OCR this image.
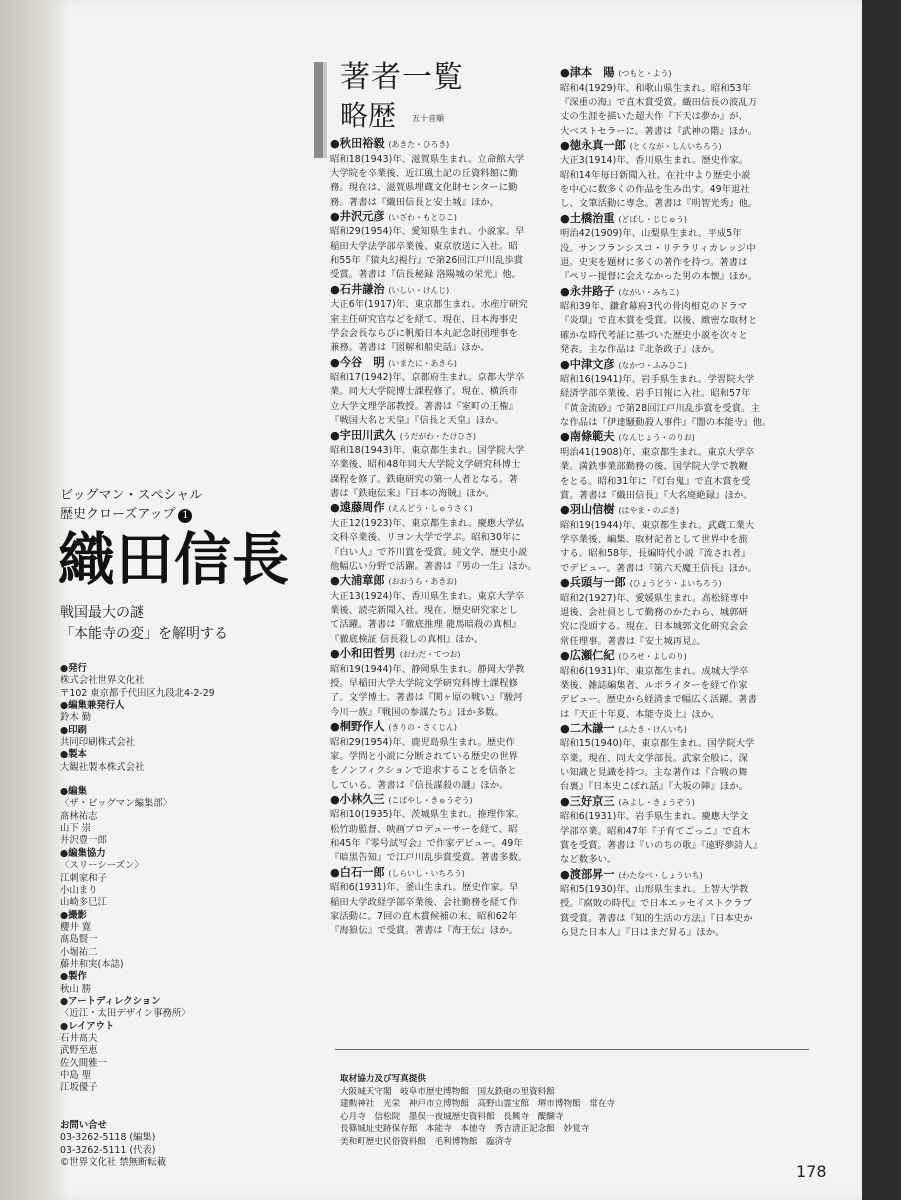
ビッグマン・スペシャル
歴史クローズアップ 1
織田信長
戦国最大の謎
「本能寺の変」を解明する
●発行
株式会社世界文化社
〒102 東京都千代田区九段北4-2-29
●編集兼発行人
鈴木 勤
●印刷
共同印刷株式会社
●製本
大観社製本株式会社
●編集
〈ザ・ビッグマン編集部〉
髙林祐志
山下 崇
井沢豊一郎
●編集協力
〈スリーシーズン〉
江刺家和子
小山まり
山崎多巳江
●撮影
櫻井 寛
髙島賢一
小堀祐二
藤井和実(本誌)
●製作
秋山 勝
●アートディレクション
〈近江・太田デザイン事務所〉
●レイアウト
石井髙夫
武野至恵
佐久間雅一
中島 聖
江坂優子
お問い合せ
03-3262-5118 (編集)
03-3262-5111 (代表)
©世界文化社 禁無断転載
著者一覧
略歴 五十音順
●秋田裕毅 (あきた・ひろき)
昭和18(1943)年、滋賀県生まれ。立命館大学
大学院を卒業後、近江風土記の丘資料館に勤
務。現在は、滋賀県埋蔵文化財センターに勤
務。著書は『織田信長と安土城』ほか。
●井沢元彦 (いざわ・もとひこ)
昭和29(1954)年、愛知県生まれ。小説家。早
稲田大学法学部卒業後、東京放送に入社。昭
和55年『猿丸幻視行』で第26回江戸川乱歩賞
受賞。著書は『信長秘録 洛陽城の栄光』他。
●石井謙治 (いしい・けんじ)
大正6年(1917)年、東京都生まれ。水産庁研究
室主任研究官などを経て、現在、日本海事史
学会会長ならびに帆船日本丸記念財団理事を
兼務。著書は『図解和船史話』ほか。
●今谷　明 (いまたに・あきら)
昭和17(1942)年、京都府生まれ。京都大学卒
業。同大大学院博士課程修了。現在、横浜市
立大学文理学部教授。著書は『室町の王権』
『戦国大名と天皇』『信長と天皇』ほか。
●宇田川武久 (うだがわ・たけひさ)
昭和18(1943)年、東京都生まれ。国学院大学
卒業後、昭和48年同大大学院文学研究科博士
課程を修了。鉄砲研究の第一人者となる。著
書は『鉄砲伝来』『日本の海賊』ほか。
●遠藤周作 (えんどう・しゅうさく)
大正12(1923)年、東京都生まれ。慶應大学仏
文科卒業後、リヨン大学で学ぶ。昭和30年に
『白い人』で芥川賞を受賞。純文学、歴史小説
他幅広い分野で活躍。著書は『男の一生』ほか。
●大浦章郎 (おおうら・あきお)
大正13(1924)年、香川県生まれ。東京大学卒
業後、読売新聞入社。現在、歴史研究家とし
て活躍。著書は『徹底推理 龍馬暗殺の真相』
『徹底検証 信長殺しの真相』ほか。
●小和田哲男 (おわだ・てつお)
昭和19(1944)年、静岡県生まれ。静岡大学教
授。早稲田大学大学院文学研究科博士課程修
了。文学博士。著書は『関ヶ原の戦い』『駿河
今川一族』『戦国の参謀たち』ほか多数。
●桐野作人 (きりの・さくじん)
昭和29(1954)年、鹿児島県生まれ。歴史作
家。学問と小説に分断されている歴史の世界
をノンフィクションで追求することを信条と
している。著書は『信長謀殺の謎』ほか。
●小林久三 (こばやし・きゅうぞう)
昭和10(1935)年、茨城県生まれ。推理作家。
松竹助監督、映画プロデューサーを経て、昭
和45年『零号試写会』で作家デビュー。49年
『暗黒告知』で江戸川乱歩賞受賞。著書多数。
●白石一郎 (しらいし・いちろう)
昭和6(1931)年、釜山生まれ。歴史作家。早
稲田大学政経学部卒業後、会社勤務を経て作
家活動に。7回の直木賞候補の末、昭和62年
『海狼伝』で受賞。著書は『海王伝』ほか。
●津本　陽 (つもと・よう)
昭和4(1929)年、和歌山県生まれ。昭和53年
『深重の海』で直木賞受賞。織田信長の波乱万
丈の生涯を描いた超大作『下天は夢か』が、
大ベストセラーに。著書は『武神の階』ほか。
●徳永真一郎 (とくなが・しんいちろう)
大正3(1914)年、香川県生まれ。歴史作家。
昭和14年毎日新聞入社。在社中より歴史小説
を中心に数多くの作品を生み出す。49年退社
し、文筆活動に専念。著書は『明智光秀』他。
●土橋治重 (どばし・じじゅう)
明治42(1909)年、山梨県生まれ。平成5年
没。サンフランシスコ・リテラリィカレッジ中
退。史実を題材に多くの著作を持つ。著書は
『ペリー提督に会えなかった男の本懐』ほか。
●永井路子 (ながい・みちこ)
昭和39年、鎌倉幕府3代の骨肉相克のドラマ
『炎環』で直木賞を受賞。以後、緻密な取材と
確かな時代考証に基づいた歴史小説を次々と
発表。主な作品は『北条政子』ほか。
●中津文彦 (なかつ・ふみひこ)
昭和16(1941)年、岩手県生まれ。学習院大学
経済学部卒業後、岩手日報に入社。昭和57年
『黄金流砂』で第28回江戸川乱歩賞を受賞。主
な作品は『伊達騒動殺人事件』『闇の本能寺』他。
●南條範夫 (なんじょう・のりお)
明治41(1908)年、東京都生まれ。東京大学卒
業。満鉄事業部勤務の後、国学院大学で教鞭
をとる。昭和31年に『灯台鬼』で直木賞を受
賞。著書は『織田信長』『大名廃絶録』ほか。
●羽山信樹 (はやま・のぶき)
昭和19(1944)年、東京都生まれ。武蔵工業大
学卒業後、編集、取材記者として世界中を旅
する。昭和58年、長編時代小説『流され者』
でデビュー。著書は『第六天魔王信長』ほか。
●兵頭与一郎 (ひょうどう・よいちろう)
昭和2(1927)年、愛媛県生まれ。高松経専中
退後、会社員として勤務のかたわら、城郭研
究に没頭する。現在、日本城郭文化研究会会
常任理事。著書は『安土城再見』。
●広瀬仁紀 (ひろせ・よしのり)
昭和6(1931)年、東京都生まれ。成城大学卒
業後、雑誌編集者、ルポライターを経て作家
デビュー。歴史から経済まで幅広く活躍。著書
は『天正十年夏、本能寺炎上』ほか。
●二木謙一 (ふたき・けんいち)
昭和15(1940)年、東京都生まれ。国学院大学
卒業。現在、同大文学部長。武家全般に、深
い知識と見識を持つ。主な著作は『合戦の舞
台裏』『日本史こぼれ話』『大坂の陣』ほか。
●三好京三 (みよし・きょうぞう)
昭和6(1931)年、岩手県生まれ。慶應大学文
学部卒業。昭和47年『子育てごっこ』で直木
賞を受賞。著書は『いのちの歌』『遠野夢詩人』
など数多い。
●渡部昇一 (わたなべ・しょういち)
昭和5(1930)年、山形県生まれ。上智大学教
授。『腐敗の時代』で日本エッセイストクラブ
賞受賞。著書は『知的生活の方法』『日本史か
ら見た日本人』『日はまだ昇る』ほか。
取材協力及び写真提供
大阪城天守閣　岐阜市歴史博物館　国友鉄砲の里資料館
建勲神社　光栄　神戸市立博物館　高野山霊宝館　堺市博物館　常在寺
心月寺　信松院　墨俣一夜城歴史資料館　長興寺　醍醐寺
長篠城址史跡保存館　本能寺　本徳寺　秀吉清正記念館　妙覚寺
美和町歴史民俗資料館　毛利博物館　臨済寺
178
